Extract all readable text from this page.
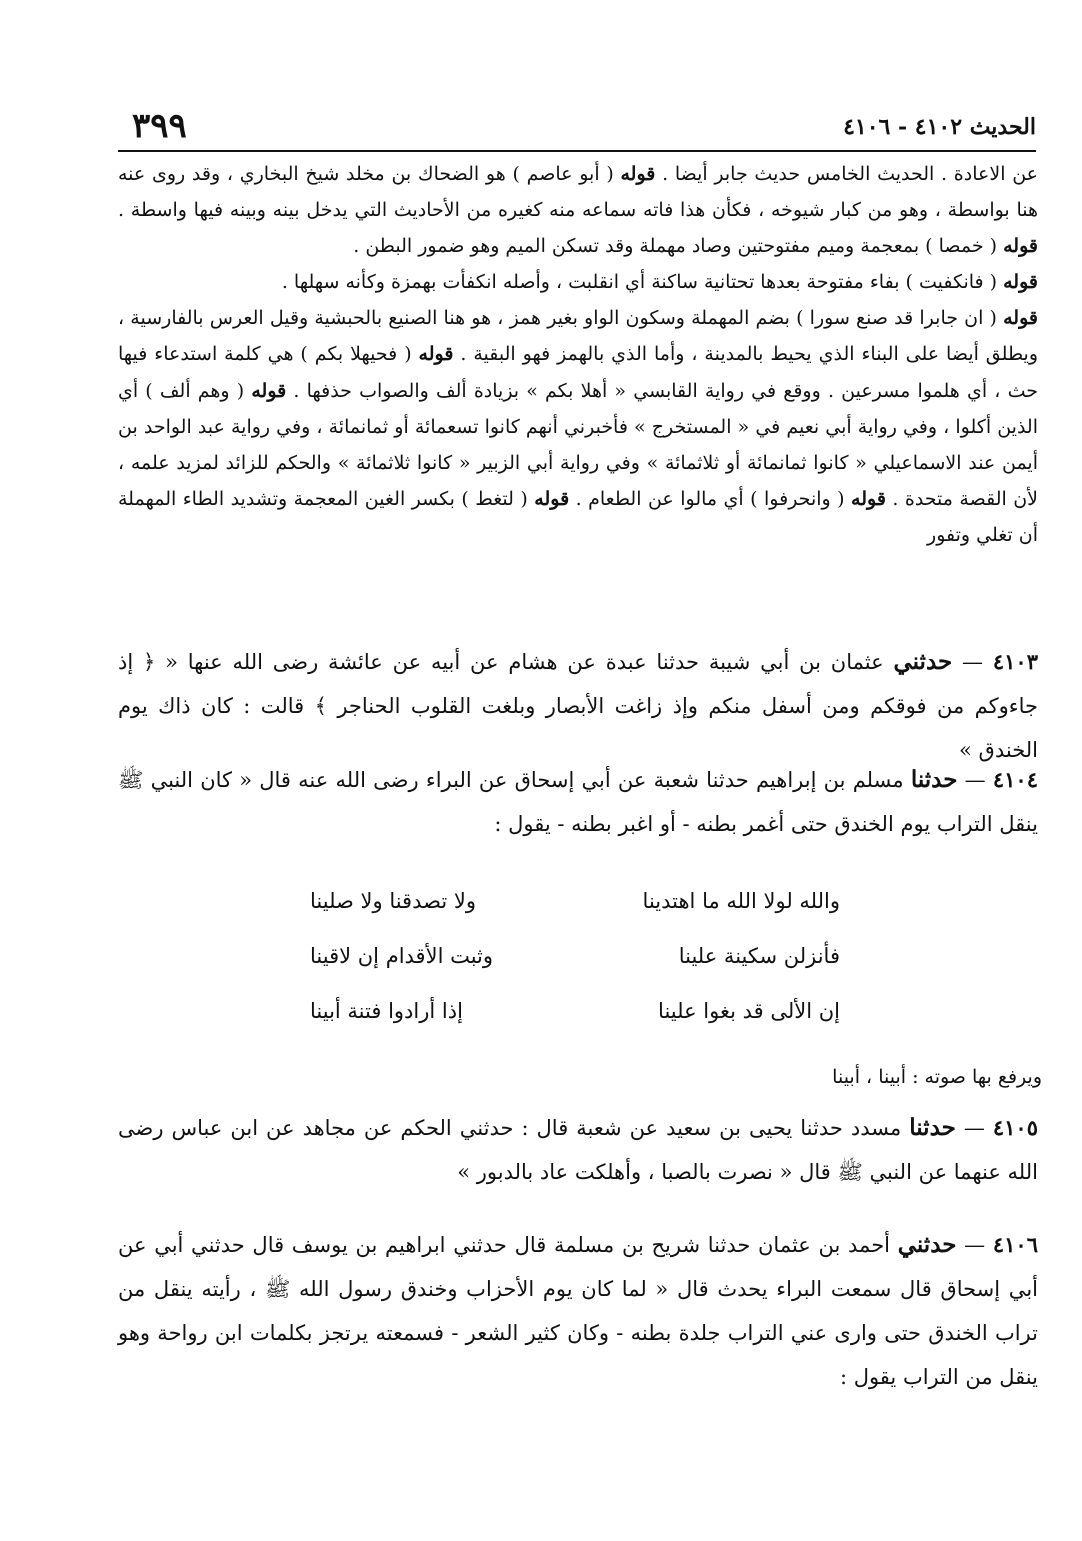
الحديث ٤١٠٢ - ٤١٠٦
٣٩٩

عن الاعادة . الحديث الخامس حديث جابر أيضا . قوله ( أبو عاصم ) هو الضحاك بن مخلد شيخ البخاري ، وقد روى عنه هنا بواسطة ، وهو من كبار شيوخه ، فكأن هذا فاته سماعه منه كغيره من الأحاديث التي يدخل بينه وبينه فيها واسطة . قوله ( خمصا ) بمعجمة وميم مفتوحتين وصاد مهملة وقد تسكن الميم وهو ضمور البطن .

قوله ( فانكفيت ) بفاء مفتوحة بعدها تحتانية ساكنة أي انقلبت ، وأصله انكفأت بهمزة وكأنه سهلها .

قوله ( ان جابرا قد صنع سورا ) بضم المهملة وسكون الواو بغير همز ، هو هنا الصنيع بالحبشية وقيل العرس بالفارسية ، ويطلق أيضا على البناء الذي يحيط بالمدينة ، وأما الذي بالهمز فهو البقية . قوله ( فحيهلا بكم ) هي كلمة استدعاء فيها حث ، أي هلموا مسرعين . ووقع في رواية القابسي « أهلا بكم » بزيادة ألف والصواب حذفها . قوله ( وهم ألف ) أي الذين أكلوا ، وفي رواية أبي نعيم في « المستخرج » فأخبرني أنهم كانوا تسعمائة أو ثمانمائة ، وفي رواية عبد الواحد بن أيمن عند الاسماعيلي « كانوا ثمانمائة أو ثلاثمائة » وفي رواية أبي الزبير « كانوا ثلاثمائة » والحكم للزائد لمزيد علمه ، لأن القصة متحدة . قوله ( وانحرفوا ) أي مالوا عن الطعام . قوله ( لتغط ) بكسر الغين المعجمة وتشديد الطاء المهملة أن تغلي وتفور

٤١٠٣ — حدثني عثمان بن أبي شيبة حدثنا عبدة عن هشام عن أبيه عن عائشة رضى الله عنها « ﴿ إذ جاءوكم من فوقكم ومن أسفل منكم وإذ زاغت الأبصار وبلغت القلوب الحناجر ﴾ قالت : كان ذاك يوم الخندق »

٤١٠٤ — حدثنا مسلم بن إبراهيم حدثنا شعبة عن أبي إسحاق عن البراء رضى الله عنه قال « كان النبي ﷺ ينقل التراب يوم الخندق حتى أغمر بطنه - أو اغبر بطنه - يقول :

والله لولا الله ما اهتدينا
ولا تصدقنا ولا صلينا
فأنزلن سكينة علينا
وثبت الأقدام إن لاقينا
إن الألى قد بغوا علينا
إذا أرادوا فتنة أبينا
ويرفع بها صوته : أبينا ، أبينا

٤١٠٥ — حدثنا مسدد حدثنا يحيى بن سعيد عن شعبة قال : حدثني الحكم عن مجاهد عن ابن عباس رضى الله عنهما عن النبي ﷺ قال « نصرت بالصبا ، وأهلكت عاد بالدبور »

٤١٠٦ — حدثني أحمد بن عثمان حدثنا شريح بن مسلمة قال حدثني ابراهيم بن يوسف قال حدثني أبي عن أبي إسحاق قال سمعت البراء يحدث قال « لما كان يوم الأحزاب وخندق رسول الله ﷺ ، رأيته ينقل من تراب الخندق حتى وارى عني التراب جلدة بطنه - وكان كثير الشعر - فسمعته يرتجز بكلمات ابن رواحة وهو ينقل من التراب يقول :
